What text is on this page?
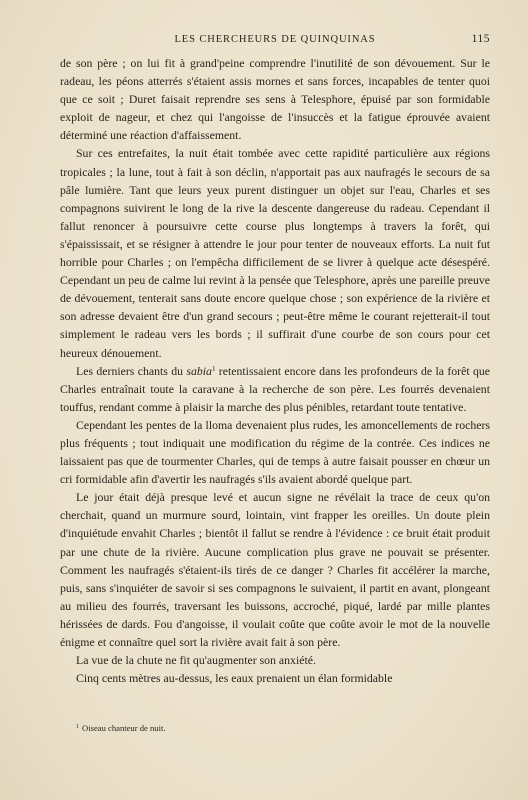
LES CHERCHEURS DE QUINQUINAS	115

de son père ; on lui fit à grand'peine comprendre l'inutilité de son dévouement. Sur le radeau, les péons atterrés s'étaient assis mornes et sans forces, incapables de tenter quoi que ce soit ; Duret faisait reprendre ses sens à Telesphore, épuisé par son formidable exploit de nageur, et chez qui l'angoisse de l'insuccès et la fatigue éprouvée avaient déterminé une réaction d'affaissement.

Sur ces entrefaites, la nuit était tombée avec cette rapidité particulière aux régions tropicales ; la lune, tout à fait à son déclin, n'apportait pas aux naufragés le secours de sa pâle lumière. Tant que leurs yeux purent distinguer un objet sur l'eau, Charles et ses compagnons suivirent le long de la rive la descente dangereuse du radeau. Cependant il fallut renoncer à poursuivre cette course plus longtemps à travers la forêt, qui s'épaississait, et se résigner à attendre le jour pour tenter de nouveaux efforts. La nuit fut horrible pour Charles ; on l'empêcha difficilement de se livrer à quelque acte désespéré. Cependant un peu de calme lui revint à la pensée que Telesphore, après une pareille preuve de dévouement, tenterait sans doute encore quelque chose ; son expérience de la rivière et son adresse devaient être d'un grand secours ; peut-être même le courant rejetterait-il tout simplement le radeau vers les bords ; il suffirait d'une courbe de son cours pour cet heureux dénouement.

Les derniers chants du sabia$^1$ retentissaient encore dans les profondeurs de la forêt que Charles entraînait toute la caravane à la recherche de son père. Les fourrés devenaient touffus, rendant comme à plaisir la marche des plus pénibles, retardant toute tentative.

Cependant les pentes de la lloma devenaient plus rudes, les amoncellements de rochers plus fréquents ; tout indiquait une modification du régime de la contrée. Ces indices ne laissaient pas que de tourmenter Charles, qui de temps à autre faisait pousser en chœur un cri formidable afin d'avertir les naufragés s'ils avaient abordé quelque part.

Le jour était déjà presque levé et aucun signe ne révélait la trace de ceux qu'on cherchait, quand un murmure sourd, lointain, vint frapper les oreilles. Un doute plein d'inquiétude envahit Charles ; bientôt il fallut se rendre à l'évidence : ce bruit était produit par une chute de la rivière. Aucune complication plus grave ne pouvait se présenter. Comment les naufragés s'étaient-ils tirés de ce danger ? Charles fit accélérer la marche, puis, sans s'inquiéter de savoir si ses compagnons le suivaient, il partit en avant, plongeant au milieu des fourrés, traversant les buissons, accroché, piqué, lardé par mille plantes hérissées de dards. Fou d'angoisse, il voulait coûte que coûte avoir le mot de la nouvelle énigme et connaître quel sort la rivière avait fait à son père.

La vue de la chute ne fit qu'augmenter son anxiété.

Cinq cents mètres au-dessus, les eaux prenaient un élan formidable

$^1$ Oiseau chanteur de nuit.
